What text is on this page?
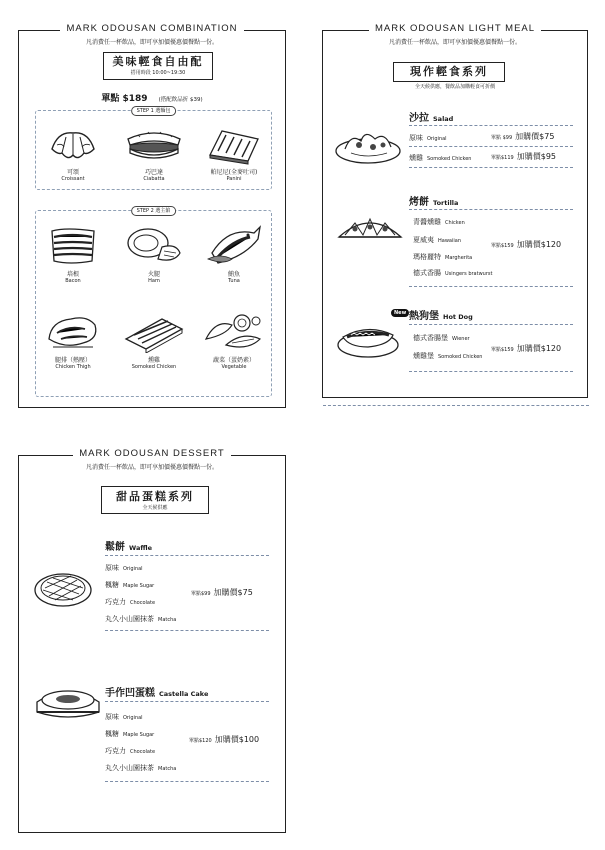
MARK ODOUSAN COMBINATION
凡消費任一杯飲品，即可享加價優惠價餐點一份。
美味輕食自由配
搭用時段 10:00~19:30
單點 $189 (搭配飲品折 $39)
STEP 1 選麵包
可頌
Croissant
巧巴達
Ciabatta
帕尼尼(全麥吐司)
Panini
STEP 2 選主餡
培根
Bacon
火腿
Ham
鮪魚
Tuna
腿排（熱壓）
Chicken Thigh
燻雞
Somoked Chicken
蔬菜（蛋奶素）
Vegetable
MARK ODOUSAN LIGHT MEAL
凡消費任一杯飲品，即可享加價優惠價餐點一份。
現作輕食系列
全天候供應，餐飲品加購輕食可折價
沙拉 Salad
原味 Original	單點 $99 加購價$75
燻雞 Somoked Chicken	單點$119 加購價$95
烤餅 Tortilla
青醬燻雞 Chicken
夏威夷 Hawaiian
瑪格麗特 Margherita
德式香腸 Usingers bratwurst
單點$159 加購價$120
New 熱狗堡 Hot Dog
德式香腸堡 Wiener
燻雞堡 Somoked Chicken
單點$159 加購價$120
MARK ODOUSAN DESSERT
凡消費任一杯飲品，即可享加價優惠價餐點一份。
甜品蛋糕系列
全天候供應
鬆餅 Waffle
原味 Original
楓糖 Maple Sugar
巧克力 Chocolate
丸久小山園抹茶 Matcha
單點$99 加購價$75
手作凹蛋糕 Castella Cake
原味 Original
楓糖 Maple Sugar
巧克力 Chocolate
丸久小山園抹茶 Matcha
單點$120 加購價$100
